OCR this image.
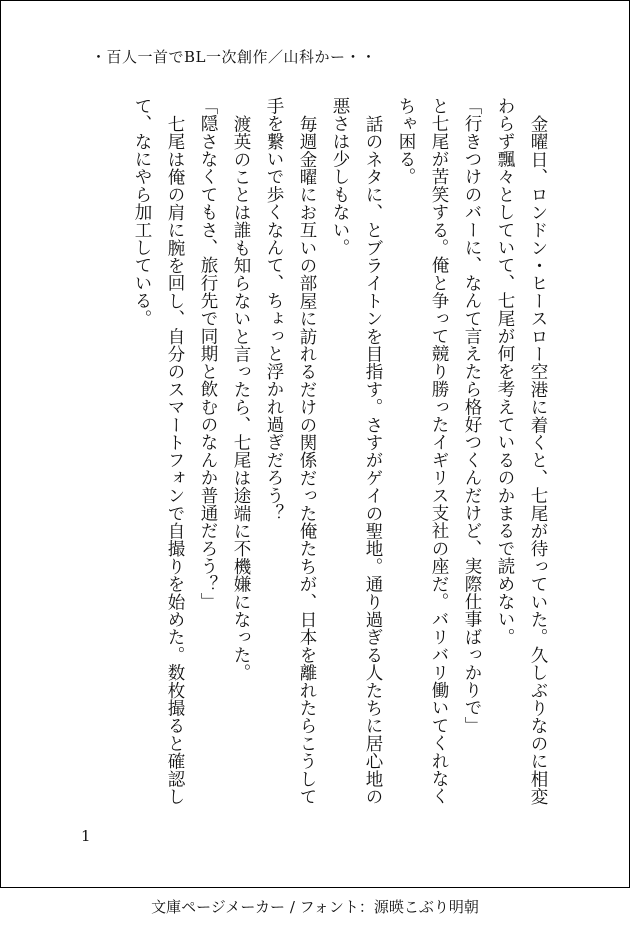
・百人一首でBL一次創作／山科かー・・

金曜日、ロンドン・ヒースロー空港に着くと、七尾が待っていた。久しぶりなのに相変わらず飄々としていて、七尾が何を考えているのかまるで読めない。

「行きつけのバーに、なんて言えたら格好つくんだけど、実際仕事ばっかりで」

と七尾が苦笑する。俺と争って競り勝ったイギリス支社の座だ。バリバリ働いてくれなくちゃ困る。

話のネタに、とブライトンを目指す。さすがゲイの聖地。通り過ぎる人たちに居心地の悪さは少しもない。

毎週金曜にお互いの部屋に訪れるだけの関係だった俺たちが、日本を離れたらこうして手を繋いで歩くなんて、ちょっと浮かれ過ぎだろう？

渡英のことは誰も知らないと言ったら、七尾は途端に不機嫌になった。

「隠さなくてもさ、旅行先で同期と飲むのなんか普通だろう？」

七尾は俺の肩に腕を回し、自分のスマートフォンで自撮りを始めた。数枚撮ると確認して、なにやら加工している。

1
文庫ページメーカー / フォント：源暎こぶり明朝
